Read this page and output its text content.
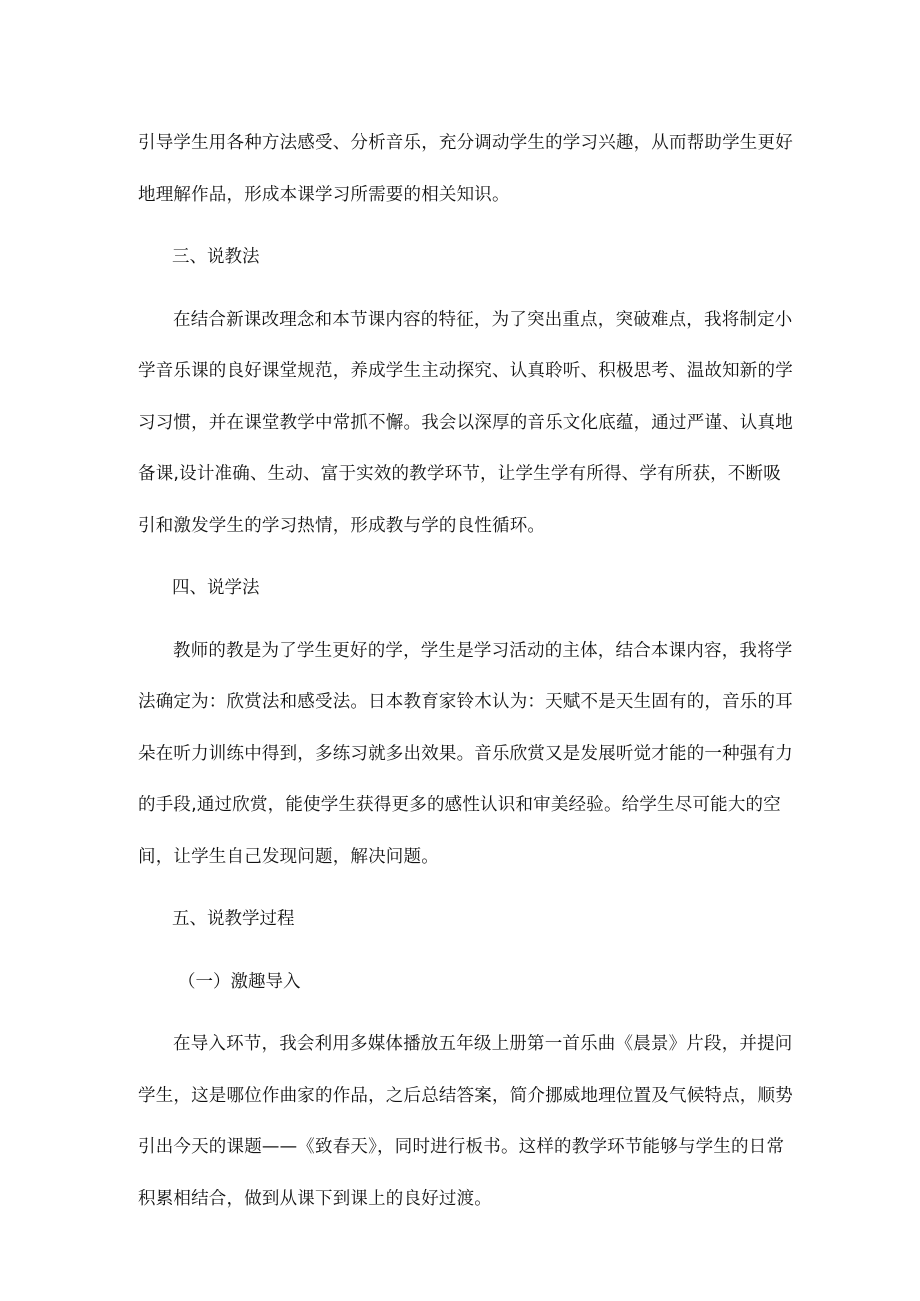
引导学生用各种方法感受、分析音乐，充分调动学生的学习兴趣，从而帮助学生更好地理解作品，形成本课学习所需要的相关知识。

三、说教法

在结合新课改理念和本节课内容的特征，为了突出重点，突破难点，我将制定小学音乐课的良好课堂规范，养成学生主动探究、认真聆听、积极思考、温故知新的学习习惯，并在课堂教学中常抓不懈。我会以深厚的音乐文化底蕴，通过严谨、认真地备课,设计准确、生动、富于实效的教学环节，让学生学有所得、学有所获，不断吸引和激发学生的学习热情，形成教与学的良性循环。

四、说学法

教师的教是为了学生更好的学，学生是学习活动的主体，结合本课内容，我将学法确定为：欣赏法和感受法。日本教育家铃木认为：天赋不是天生固有的，音乐的耳朵在听力训练中得到，多练习就多出效果。音乐欣赏又是发展听觉才能的一种强有力的手段,通过欣赏，能使学生获得更多的感性认识和审美经验。给学生尽可能大的空间，让学生自己发现问题，解决问题。

五、说教学过程

（一）激趣导入

在导入环节，我会利用多媒体播放五年级上册第一首乐曲《晨景》片段，并提问学生，这是哪位作曲家的作品，之后总结答案，简介挪威地理位置及气候特点，顺势引出今天的课题——《致春天》，同时进行板书。这样的教学环节能够与学生的日常积累相结合，做到从课下到课上的良好过渡。
